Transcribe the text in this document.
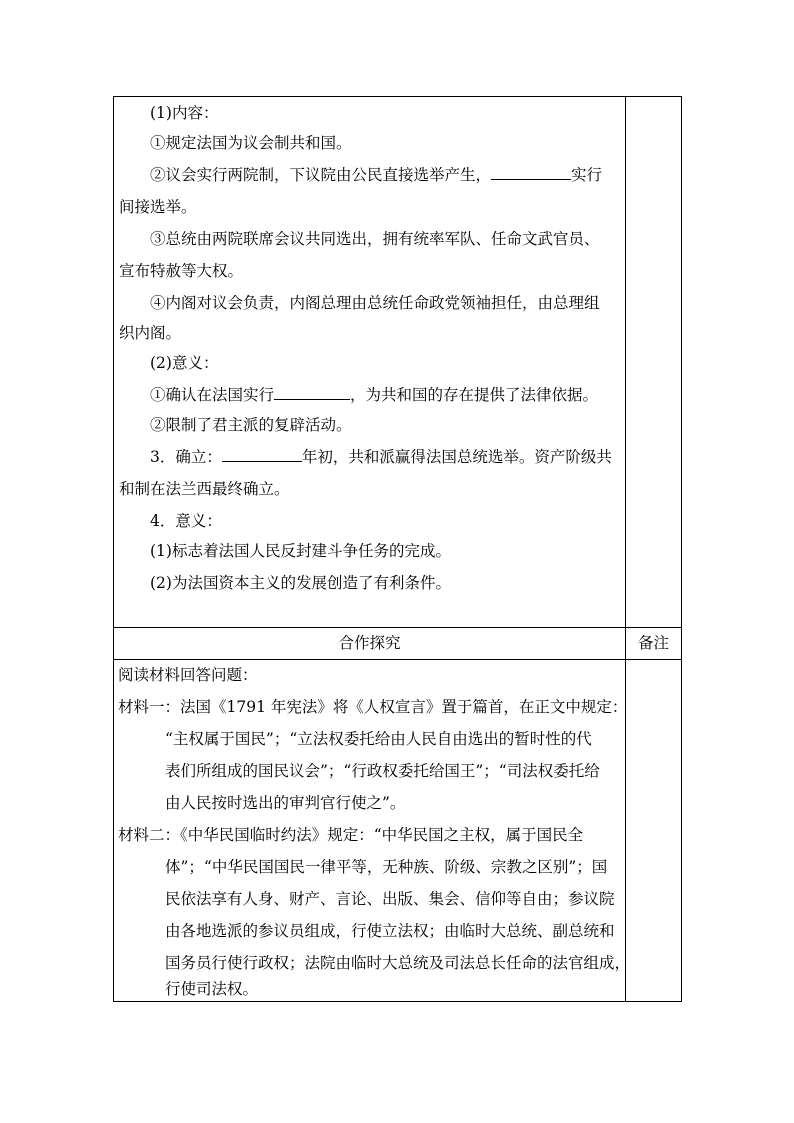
(1)内容：
①规定法国为议会制共和国。
②议会实行两院制，下议院由公民直接选举产生，	实行
间接选举。
③总统由两院联席会议共同选出，拥有统率军队、任命文武官员、
宣布特赦等大权。
④内阁对议会负责，内阁总理由总统任命政党领袖担任，由总理组
织内阁。
(2)意义：
①确认在法国实行	，为共和国的存在提供了法律依据。
②限制了君主派的复辟活动。
3．确立：	年初，共和派赢得法国总统选举。资产阶级共
和制在法兰西最终确立。
4．意义：
(1)标志着法国人民反封建斗争任务的完成。
(2)为法国资本主义的发展创造了有利条件。
合作探究	备注
阅读材料回答问题：
材料一：法国《1791 年宪法》将《人权宣言》置于篇首，在正文中规定：
“主权属于国民”；“立法权委托给由人民自由选出的暂时性的代
表们所组成的国民议会”；“行政权委托给国王”；“司法权委托给
由人民按时选出的审判官行使之”。
材料二：《中华民国临时约法》规定：“中华民国之主权，属于国民全
体”；“中华民国国民一律平等，无种族、阶级、宗教之区别”；国
民依法享有人身、财产、言论、出版、集会、信仰等自由；参议院
由各地选派的参议员组成，行使立法权；由临时大总统、副总统和
国务员行使行政权；法院由临时大总统及司法总长任命的法官组成，
行使司法权。
